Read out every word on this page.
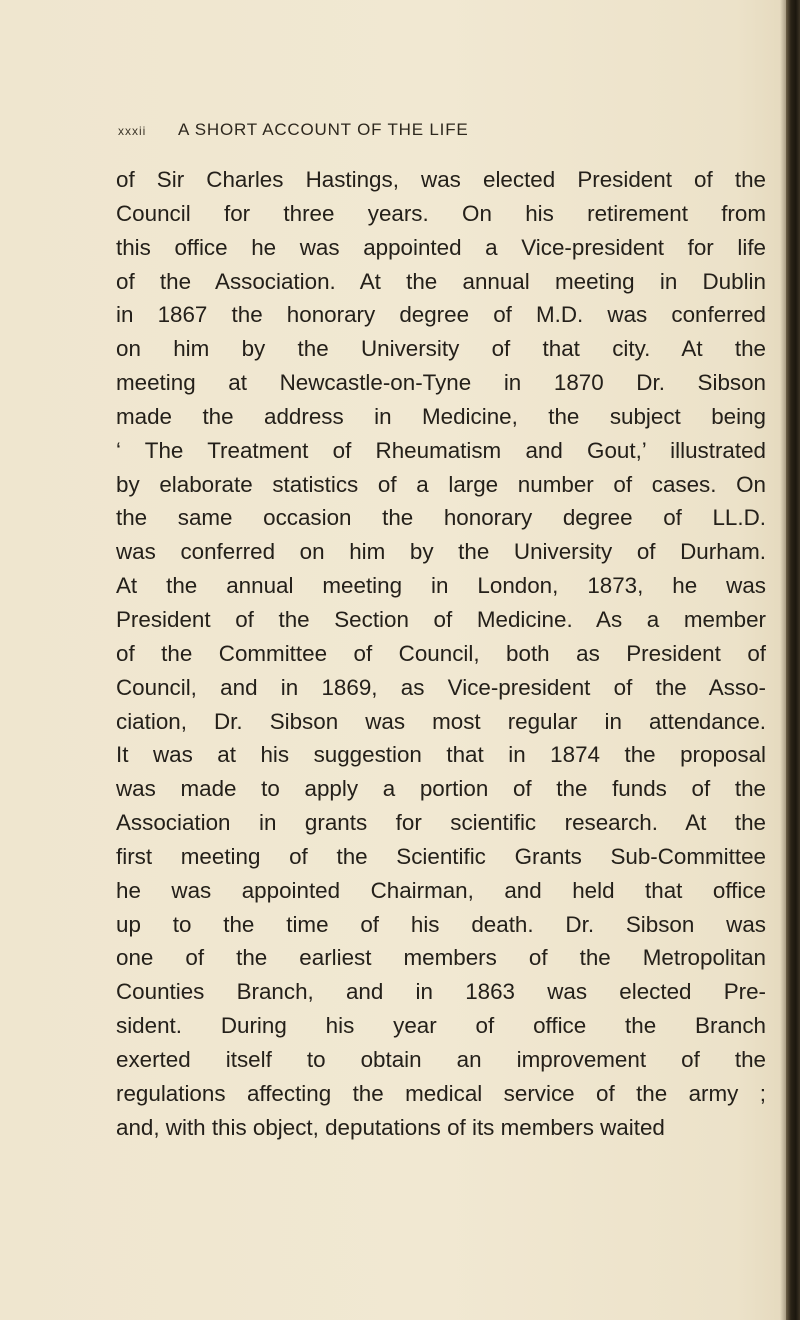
xxxii A SHORT ACCOUNT OF THE LIFE
of Sir Charles Hastings, was elected President of the
Council for three years. On his retirement from
this office he was appointed a Vice-president for life
of the Association. At the annual meeting in Dublin
in 1867 the honorary degree of M.D. was conferred
on him by the University of that city. At the
meeting at Newcastle-on-Tyne in 1870 Dr. Sibson
made the address in Medicine, the subject being
‘ The Treatment of Rheumatism and Gout,’ illustrated
by elaborate statistics of a large number of cases. On
the same occasion the honorary degree of LL.D.
was conferred on him by the University of Durham.
At the annual meeting in London, 1873, he was
President of the Section of Medicine. As a member
of the Committee of Council, both as President of
Council, and in 1869, as Vice-president of the Asso-
ciation, Dr. Sibson was most regular in attendance.
It was at his suggestion that in 1874 the proposal
was made to apply a portion of the funds of the
Association in grants for scientific research. At the
first meeting of the Scientific Grants Sub-Committee
he was appointed Chairman, and held that office
up to the time of his death. Dr. Sibson was
one of the earliest members of the Metropolitan
Counties Branch, and in 1863 was elected Pre-
sident. During his year of office the Branch
exerted itself to obtain an improvement of the
regulations affecting the medical service of the army ;
and, with this object, deputations of its members waited
